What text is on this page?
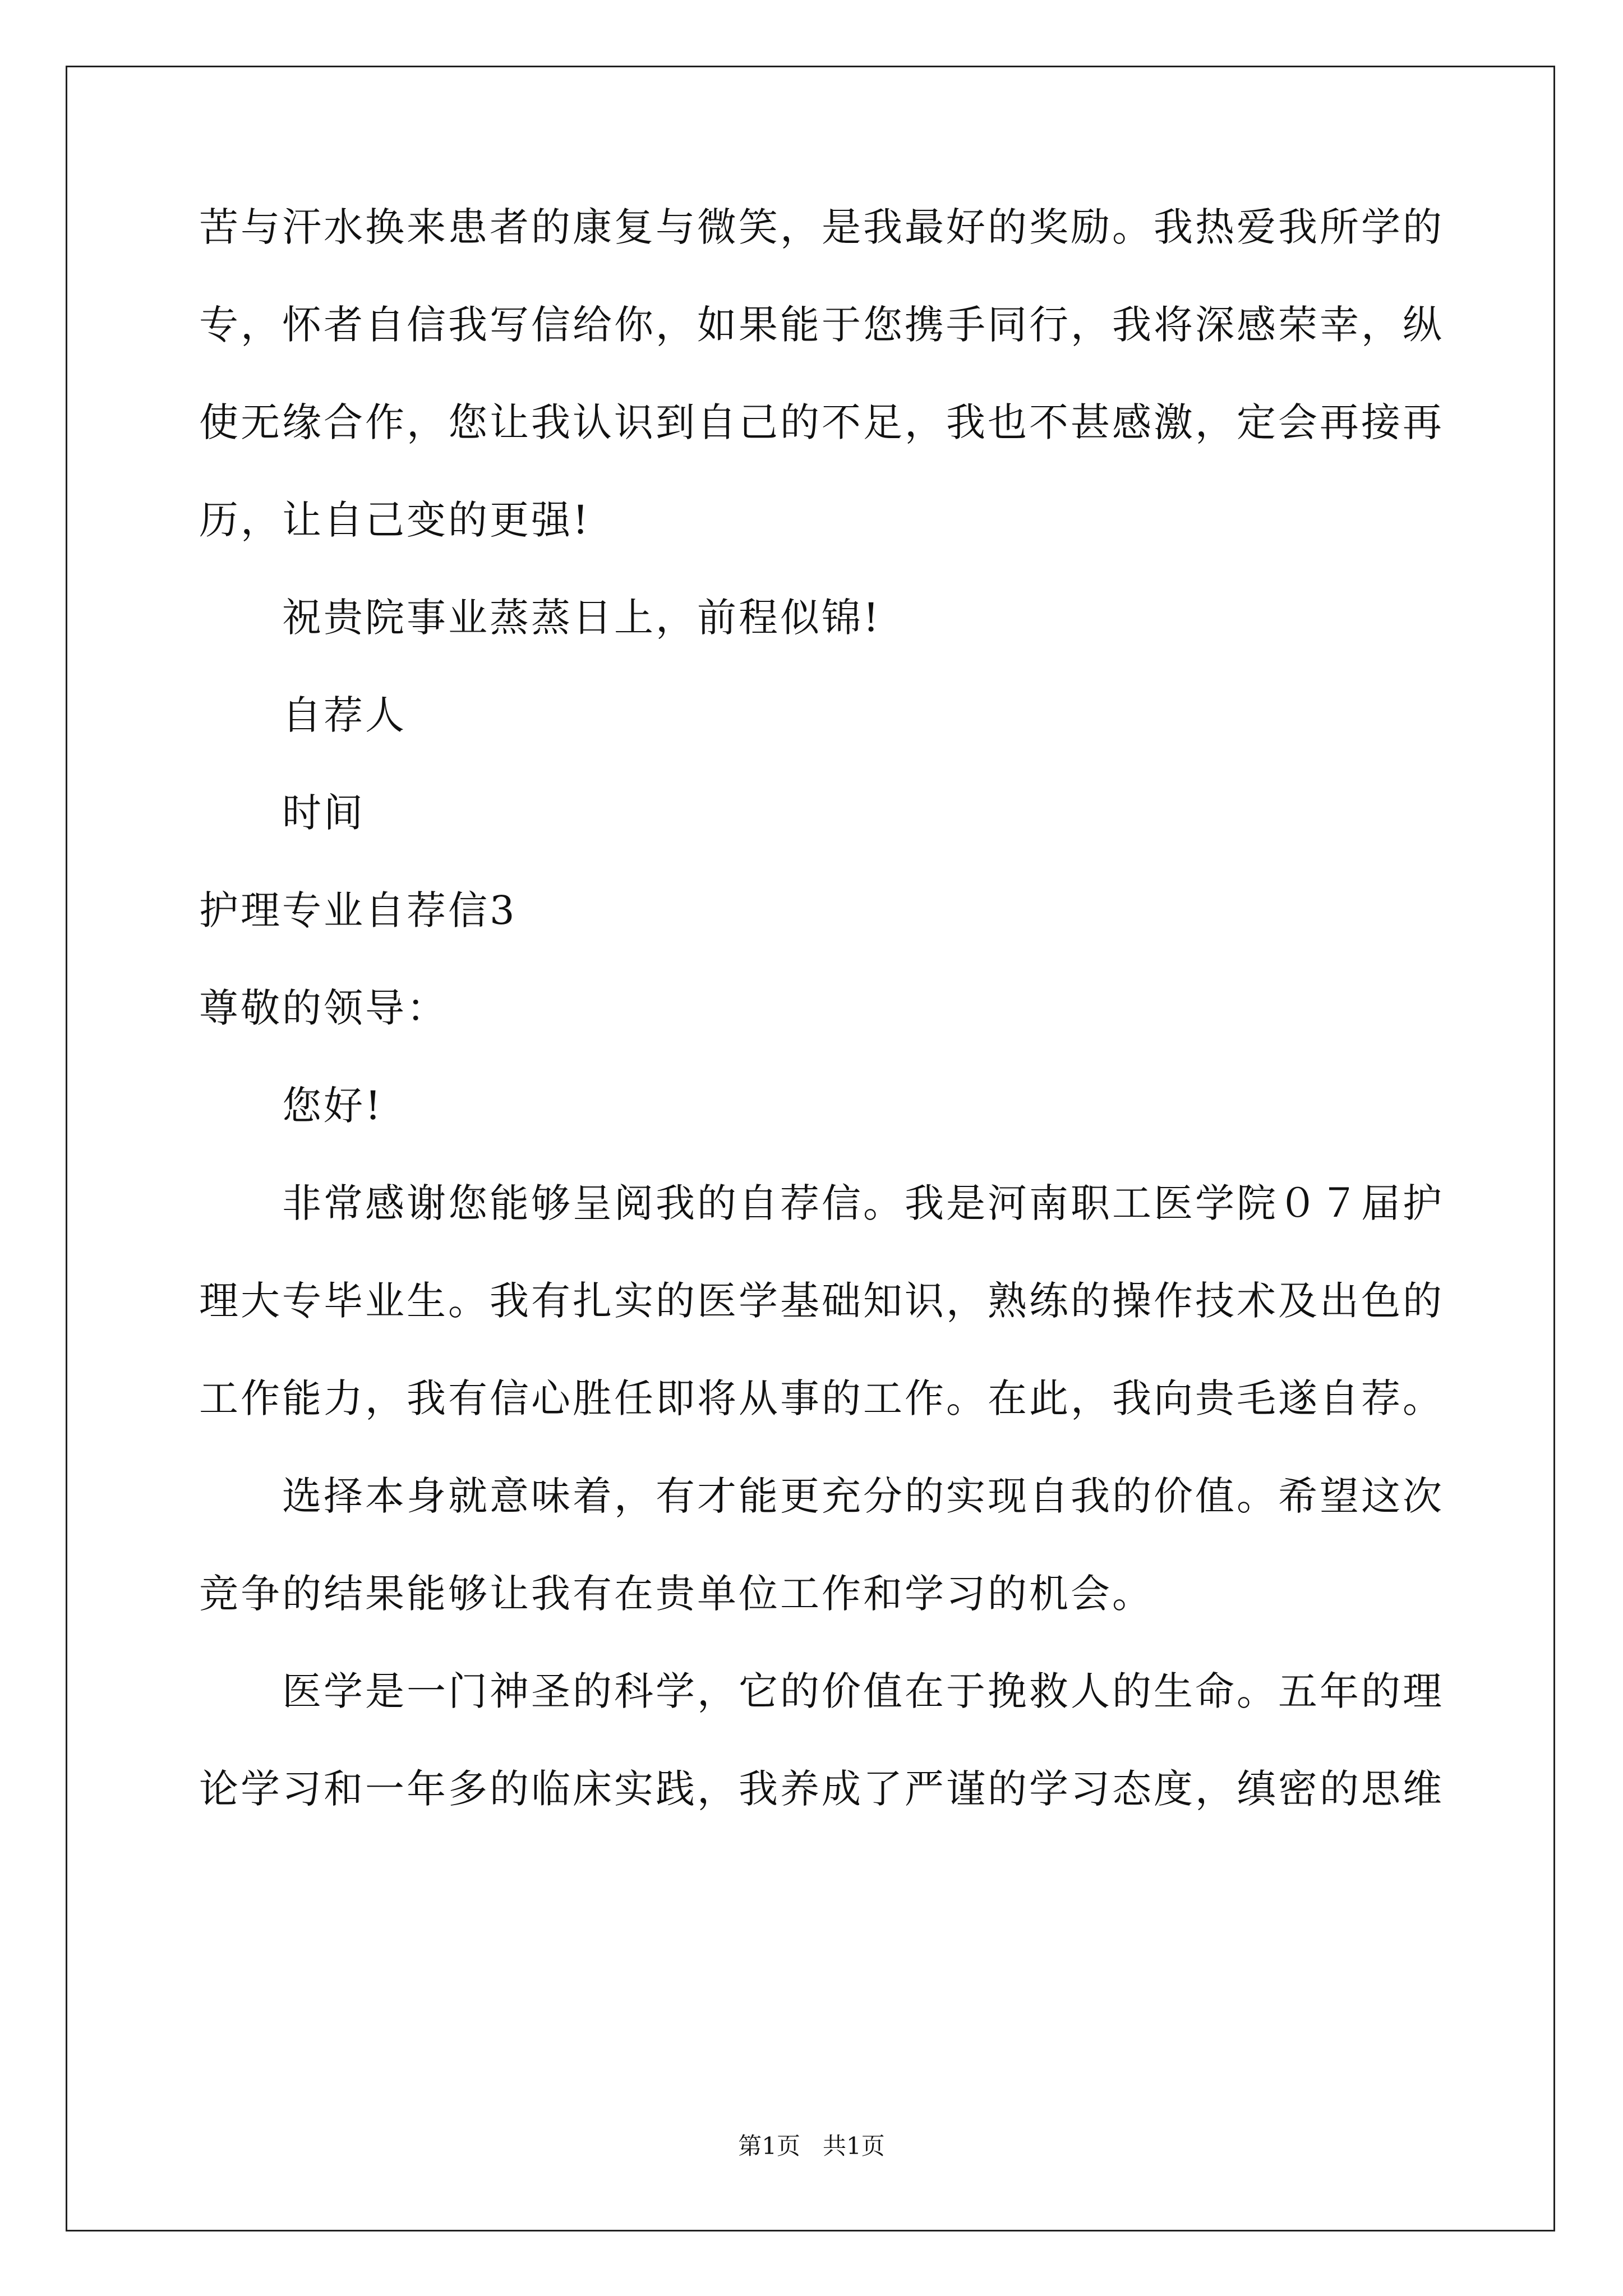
苦与汗水换来患者的康复与微笑，是我最好的奖励。我热爱我所学的
专，怀者自信我写信给你，如果能于您携手同行，我将深感荣幸，纵
使无缘合作，您让我认识到自己的不足，我也不甚感激，定会再接再
历，让自己变的更强!
祝贵院事业蒸蒸日上，前程似锦!
自荐人
时间
护理专业自荐信3
尊敬的领导：
您好!
非常感谢您能够呈阅我的自荐信。我是河南职工医学院０７届护
理大专毕业生。我有扎实的医学基础知识，熟练的操作技术及出色的
工作能力，我有信心胜任即将从事的工作。在此，我向贵毛遂自荐。
选择本身就意味着，有才能更充分的实现自我的价值。希望这次
竞争的结果能够让我有在贵单位工作和学习的机会。
医学是一门神圣的科学，它的价值在于挽救人的生命。五年的理
论学习和一年多的临床实践，我养成了严谨的学习态度，缜密的思维
第1页   共1页
